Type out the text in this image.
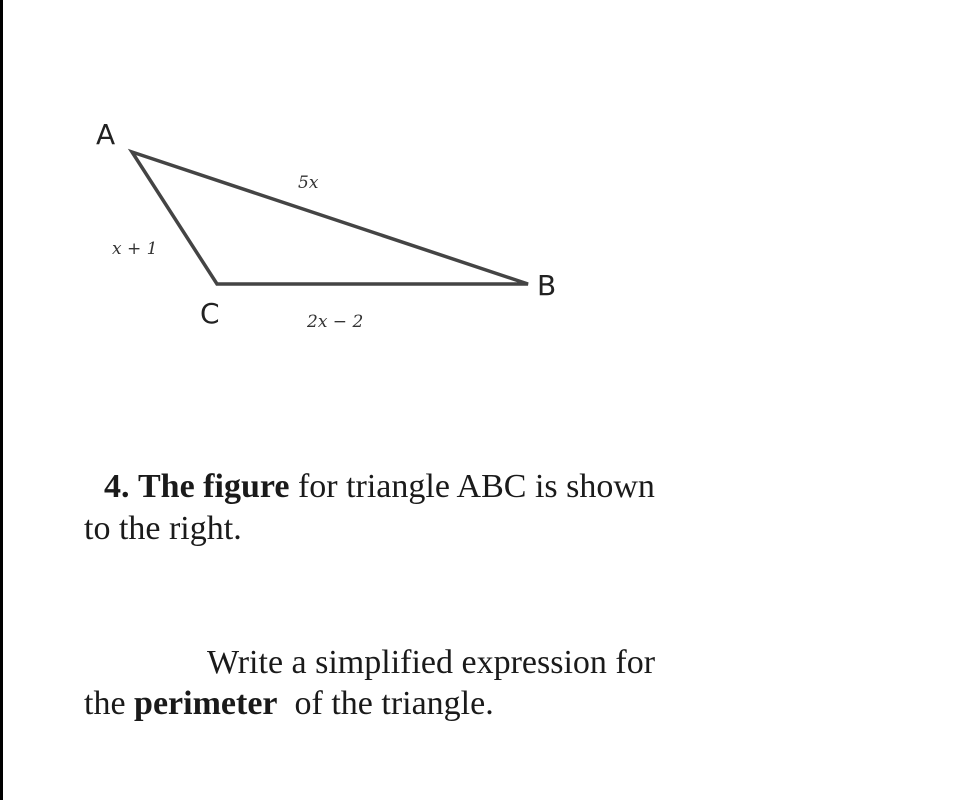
A
B
C
5x
x + 1
2x − 2
4. The figure for triangle ABC is shown
to the right.
Write a simplified expression for
the perimeter  of the triangle.
